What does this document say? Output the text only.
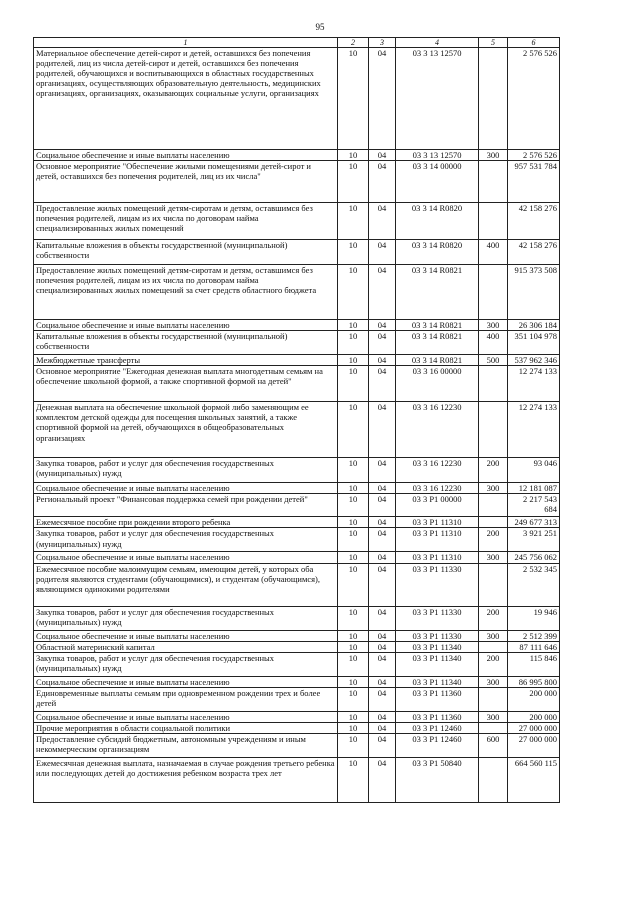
95
1	2	3	4	5	6
Материальное обеспечение детей-сирот и детей, оставшихся без попечения родителей, лиц из числа детей-сирот и детей, оставшихся без попечения родителей, обучающихся и воспитывающихся в областных государственных организациях, осуществляющих образовательную деятельность, медицинских организациях, организациях, оказывающих социальные услуги, организациях	10	04	03 3 13 12570		2 576 526
Социальное обеспечение и иные выплаты населению	10	04	03 3 13 12570	300	2 576 526
Основное мероприятие "Обеспечение жилыми помещениями детей-сирот и детей, оставшихся без попечения родителей, лиц из их числа"	10	04	03 3 14 00000		957 531 784
Предоставление жилых помещений детям-сиротам и детям, оставшимся без попечения родителей, лицам из их числа по договорам найма специализированных жилых помещений	10	04	03 3 14 R0820		42 158 276
Капитальные вложения в объекты государственной (муниципальной) собственности	10	04	03 3 14 R0820	400	42 158 276
Предоставление жилых помещений детям-сиротам и детям, оставшимся без попечения родителей, лицам из их числа по договорам найма специализированных жилых помещений за счет средств областного бюджета	10	04	03 3 14 R0821		915 373 508
Социальное обеспечение и иные выплаты населению	10	04	03 3 14 R0821	300	26 306 184
Капитальные вложения в объекты государственной (муниципальной) собственности	10	04	03 3 14 R0821	400	351 104 978
Межбюджетные трансферты	10	04	03 3 14 R0821	500	537 962 346
Основное мероприятие "Ежегодная денежная выплата многодетным семьям на обеспечение школьной формой, а также спортивной формой на детей"	10	04	03 3 16 00000		12 274 133
Денежная выплата на обеспечение школьной формой либо заменяющим ее комплектом детской одежды для посещения школьных занятий, а также спортивной формой на детей, обучающихся в общеобразовательных организациях	10	04	03 3 16 12230		12 274 133
Закупка товаров, работ и услуг для обеспечения государственных (муниципальных) нужд	10	04	03 3 16 12230	200	93 046
Социальное обеспечение и иные выплаты населению	10	04	03 3 16 12230	300	12 181 087
Региональный проект "Финансовая поддержка семей при рождении детей"	10	04	03 3 P1 00000		2 217 543 684
Ежемесячное пособие при рождении второго ребенка	10	04	03 3 P1 11310		249 677 313
Закупка товаров, работ и услуг для обеспечения государственных (муниципальных) нужд	10	04	03 3 P1 11310	200	3 921 251
Социальное обеспечение и иные выплаты населению	10	04	03 3 P1 11310	300	245 756 062
Ежемесячное пособие малоимущим семьям, имеющим детей, у которых оба родителя являются студентами (обучающимися), и студентам (обучающимся), являющимся одинокими родителями	10	04	03 3 P1 11330		2 532 345
Закупка товаров, работ и услуг для обеспечения государственных (муниципальных) нужд	10	04	03 3 P1 11330	200	19 946
Социальное обеспечение и иные выплаты населению	10	04	03 3 P1 11330	300	2 512 399
Областной материнский капитал	10	04	03 3 P1 11340		87 111 646
Закупка товаров, работ и услуг для обеспечения государственных (муниципальных) нужд	10	04	03 3 P1 11340	200	115 846
Социальное обеспечение и иные выплаты населению	10	04	03 3 P1 11340	300	86 995 800
Единовременные выплаты семьям при одновременном рождении трех и более детей	10	04	03 3 P1 11360		200 000
Социальное обеспечение и иные выплаты населению	10	04	03 3 P1 11360	300	200 000
Прочие мероприятия в области социальной политики	10	04	03 3 P1 12460		27 000 000
Предоставление субсидий бюджетным, автономным учреждениям и иным некоммерческим организациям	10	04	03 3 P1 12460	600	27 000 000
Ежемесячная денежная выплата, назначаемая в случае рождения третьего ребенка или последующих детей до достижения ребенком возраста трех лет	10	04	03 3 P1 50840		664 560 115
